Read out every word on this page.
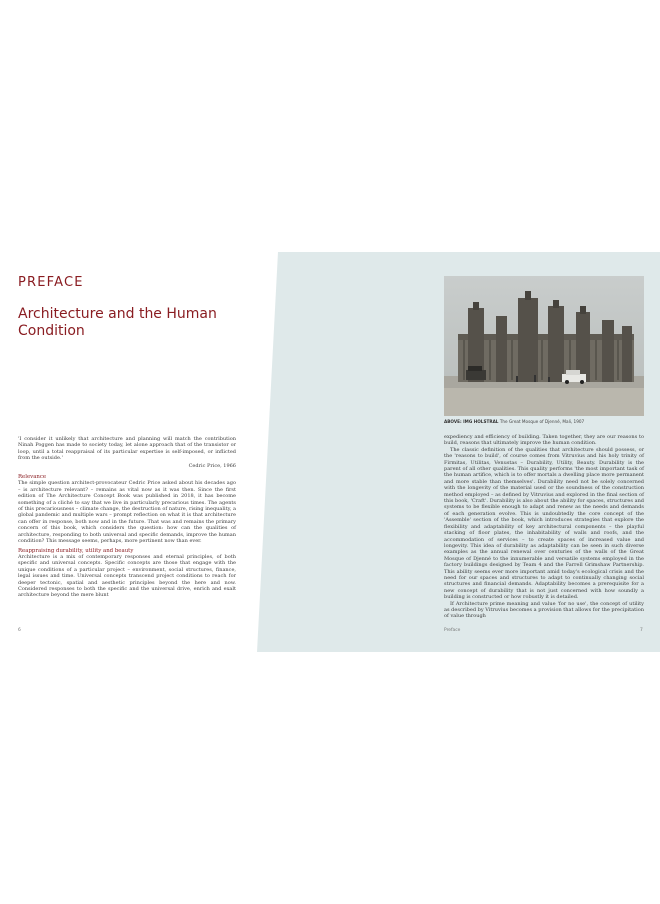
PREFACE
Architecture and the Human Condition

'I consider it unlikely that architecture and planning will match the contribution Ninah Poggen has made to society today, let alone approach that of the transistor or loop, until a total reappraisal of its particular expertise is self-imposed, or inflicted from the outside.'

Cedric Price, 1966

Relevance

The simple question architect-provocateur Cedric Price asked about his decades ago – is architecture relevant? – remains as vital now as it was then. Since the first edition of The Architecture Concept Book was published in 2018, it has become something of a cliché to say that we live in particularly precarious times. The agents of this precariousness – climate change, the destruction of nature, rising inequality, a global pandemic and multiple wars – prompt reflection on what it is that architecture can offer in response, both now and in the future. That was and remains the primary concern of this book, which considers the question: how can the qualities of architecture, responding to both universal and specific demands, improve the human condition? This message seems, perhaps, more pertinent now than ever.

Reappraising durability, utility and beauty

Architecture is a mix of contemporary responses and eternal principles, of both specific and universal concepts. Specific concepts are those that engage with the unique conditions of a particular project – environment, social structures, finance, legal issues and time. Universal concepts transcend project conditions to reach for deeper tectonic, spatial and aesthetic principles beyond the here and now. Considered responses to both the specific and the universal drive, enrich and exalt architecture beyond the mere blunt

6
ABOVE: IMG HOLSTRAL The Great Mosque of Djenné, Mali, 1907

expediency and efficiency of building. Taken together, they are our reasons to build, reasons that ultimately improve the human condition.

The classic definition of the qualities that architecture should possess, or the 'reasons to build', of course comes from Vitruvius and his holy trinity of Firmitas, Utilitas, Venustas – Durability, Utility, Beauty. Durability is the parent of all other qualities. This quality performs 'the most important task of the human artifice, which is to offer mortals a dwelling place more permanent and more stable than themselves'. Durability need not be solely concerned with the longevity of the material used or the soundness of the construction method employed – as defined by Vitruvius and explored in the final section of this book, 'Craft'. Durability is also about the ability for spaces, structures and systems to be flexible enough to adapt and renew as the needs and demands of each generation evolve. This is undoubtedly the core concept of the 'Assemble' section of the book, which introduces strategies that explore the flexibility and adaptability of key architectural components – the playful stacking of floor plates, the inhabitability of walls and roofs, and the accommodation of services – to create spaces of increased value and longevity. This idea of durability as adaptability can be seen in such diverse examples as the annual renewal over centuries of the walls of the Great Mosque of Djenné to the innumerable and versatile systems employed in the factory buildings designed by Team 4 and the Farrell Grimshaw Partnership. This ability seems ever more important amid today's ecological crisis and the need for our spaces and structures to adapt to continually changing social structures and financial demands. Adaptability becomes a prerequisite for a new concept of durability that is not just concerned with how soundly a building is constructed or how robustly it is detailed.

If Architecture prime meaning and value 'for no use', the concept of utility as described by Vitruvius becomes a provision that allows for the precipitation of value through

Preface	7
